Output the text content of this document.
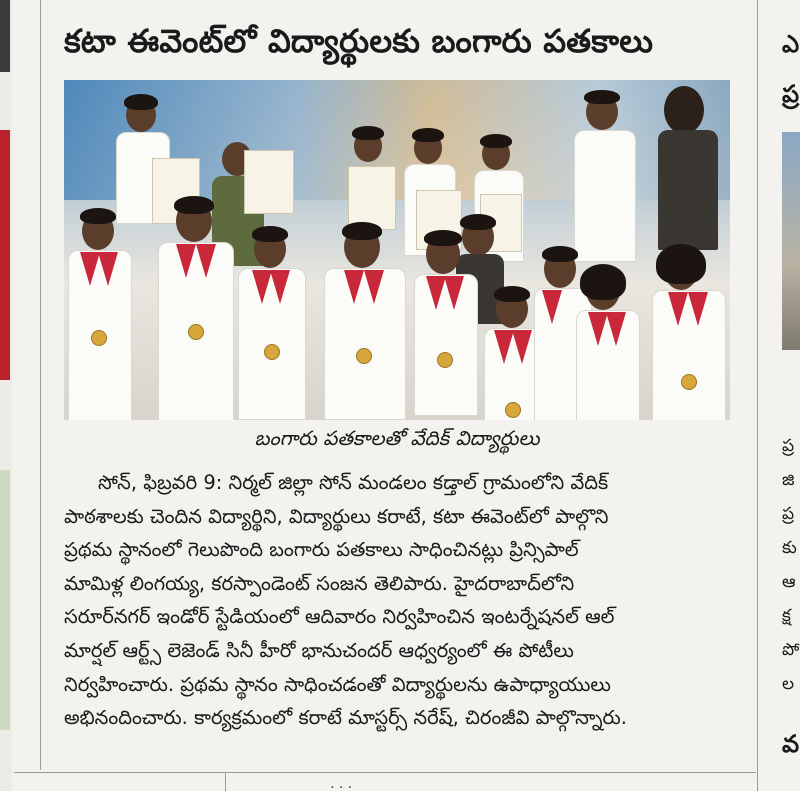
కటా ఈవెంట్‌లో విద్యార్థులకు బంగారు పతకాలు
బంగారు పతకాలతో వేదిక్ విద్యార్థులు

సోన్, ఫిబ్రవరి 9: నిర్మల్ జిల్లా సోన్ మండలం కడ్తాల్ గ్రామంలోని వేదిక్

పాఠశాలకు చెందిన విద్యార్థిని, విద్యార్థులు కరాటే, కటా ఈవెంట్‌లో పాల్గొని

ప్రథమ స్థానంలో గెలుపొంది బంగారు పతకాలు సాధించినట్లు ప్రిన్సిపాల్

మామిళ్ల లింగయ్య, కరస్పాండెంట్ సంజన తెలిపారు. హైదరాబాద్‌లోని

సరూర్‌నగర్ ఇండోర్ స్టేడియంలో ఆదివారం నిర్వహించిన ఇంటర్నేషనల్ ఆల్

మార్షల్ ఆర్ట్స్ లెజెండ్ సినీ హీరో భానుచందర్ ఆధ్వర్యంలో ఈ పోటీలు

నిర్వహించారు. ప్రథమ స్థానం సాధించడంతో విద్యార్థులను ఉపాధ్యాయులు

అభినందించారు. కార్యక్రమంలో కరాటే మాస్టర్స్ నరేష్, చిరంజీవి పాల్గొన్నారు.

ఎ
ప్ర
ప్ర
జి
ప్ర
కు
ఆ
క్ష
పో
ల
వ
...
